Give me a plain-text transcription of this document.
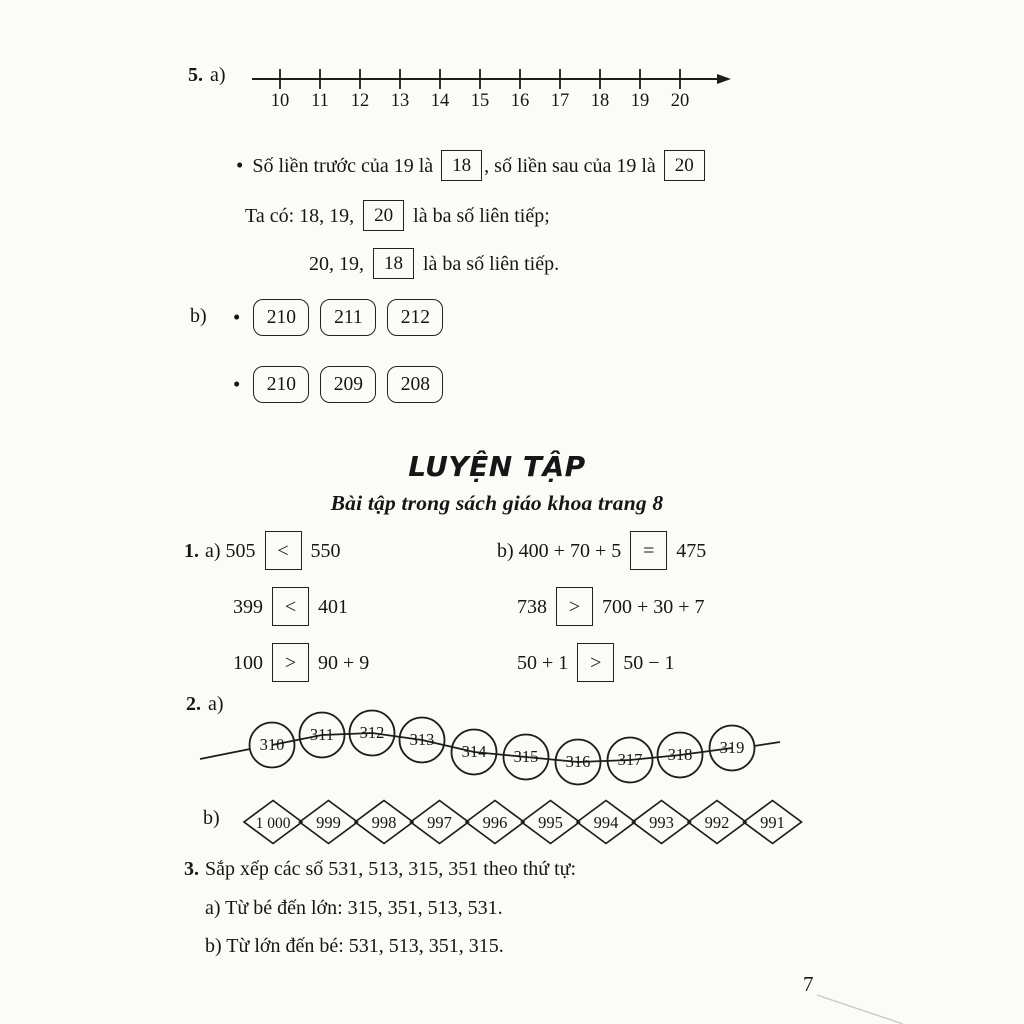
5. a)
10 11 12 13 14 15 16 17 18 19 20
• Số liền trước của 19 là	18 , số liền sau của 19 là	20
Ta có: 18, 19,	20	là ba số liên tiếp;
20, 19,	18	là ba số liên tiếp.
b) •	210	211	212
•	210	209	208
LUYỆN TẬP
Bài tập trong sách giáo khoa trang 8
1. a) 505	<	550	b) 400 + 70 + 5	=	475
399	<	401	738	>	700 + 30 + 7
100	>	90 + 9	50 + 1	>	50 − 1
2. a)
310
311 312 313
314 315 316 317 318 319
b) 1 000 999 998 997 996 995 994 993 992 991
3. Sắp xếp các số 531, 513, 315, 351 theo thứ tự:
a) Từ bé đến lớn: 315, 351, 513, 531.
b) Từ lớn đến bé: 531, 513, 351, 315.
7
